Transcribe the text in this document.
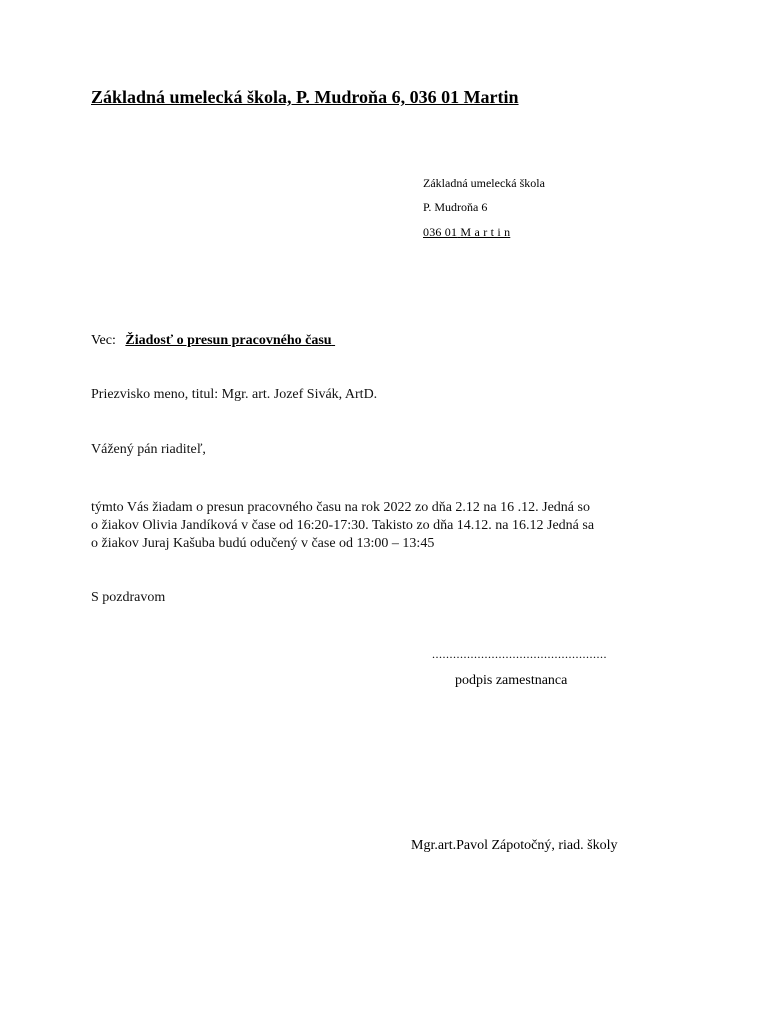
Základná umelecká škola, P. Mudroňa 6, 036 01 Martin
Základná umelecká škola
P. Mudroňa 6
036 01 M a r t i n
Vec: Žiadosť o presun pracovného času
Priezvisko meno, titul: Mgr. art. Jozef Sivák, ArtD.
Vážený pán riaditeľ,
týmto Vás žiadam o presun pracovného času na rok 2022 zo dňa 2.12 na 16 .12. Jedná so
o žiakov Olivia Jandíková v čase od 16:20-17:30. Takisto zo dňa 14.12. na 16.12 Jedná sa
o žiakov Juraj Kašuba budú odučený v čase od 13:00 – 13:45
S pozdravom
..................................................
podpis zamestnanca
Mgr.art.Pavol Zápotočný, riad. školy
